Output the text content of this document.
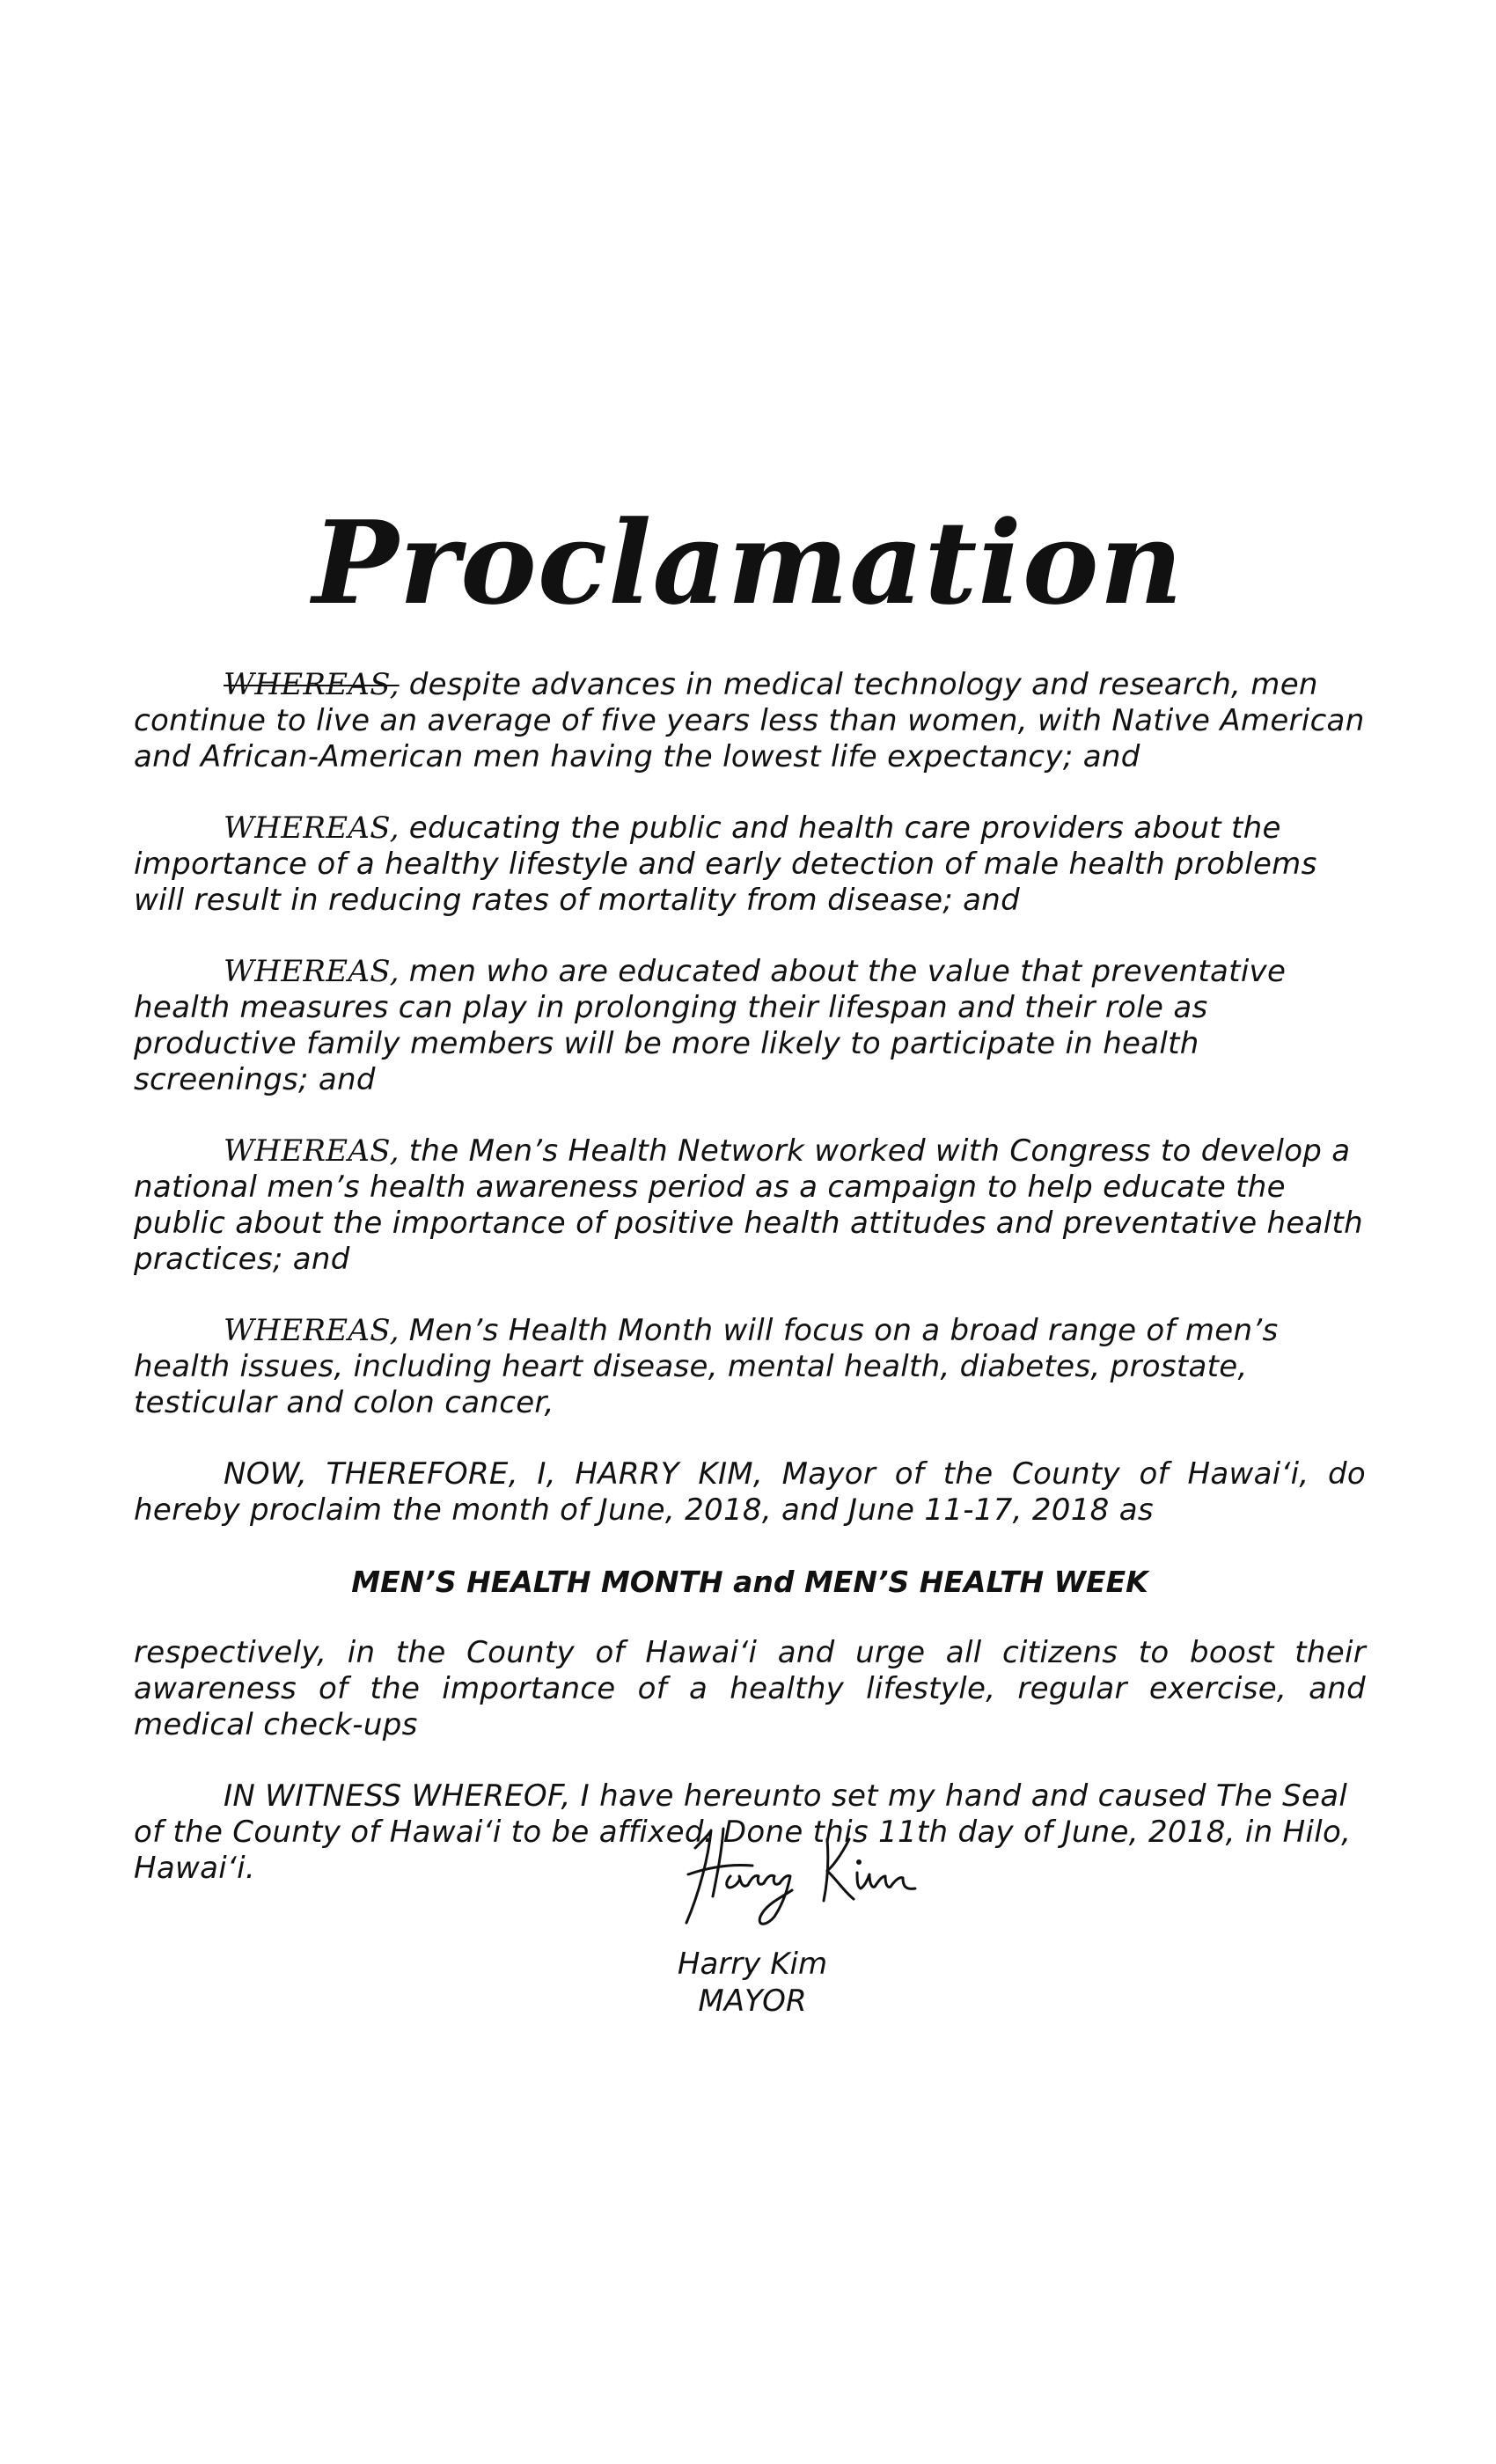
Proclamation

WHEREAS, despite advances in medical technology and research, men continue to live an average of five years less than women, with Native American and African-American men having the lowest life expectancy; and

WHEREAS, educating the public and health care providers about the importance of a healthy lifestyle and early detection of male health problems will result in reducing rates of mortality from disease; and

WHEREAS, men who are educated about the value that preventative health measures can play in prolonging their lifespan and their role as productive family members will be more likely to participate in health screenings; and

WHEREAS, the Men’s Health Network worked with Congress to develop a national men’s health awareness period as a campaign to help educate the public about the importance of positive health attitudes and preventative health practices; and

WHEREAS, Men’s Health Month will focus on a broad range of men’s health issues, including heart disease, mental health, diabetes, prostate, testicular and colon cancer,

NOW, THEREFORE, I, HARRY KIM, Mayor of the County of Hawai‘i, do hereby proclaim the month of June, 2018, and June 11-17, 2018 as

MEN’S HEALTH MONTH and MEN’S HEALTH WEEK

respectively, in the County of Hawai‘i and urge all citizens to boost their awareness of the importance of a healthy lifestyle, regular exercise, and medical check-ups

IN WITNESS WHEREOF, I have hereunto set my hand and caused The Seal of the County of Hawai‘i to be affixed. Done this 11th day of June, 2018, in Hilo, Hawai‘i.

Harry Kim
MAYOR
